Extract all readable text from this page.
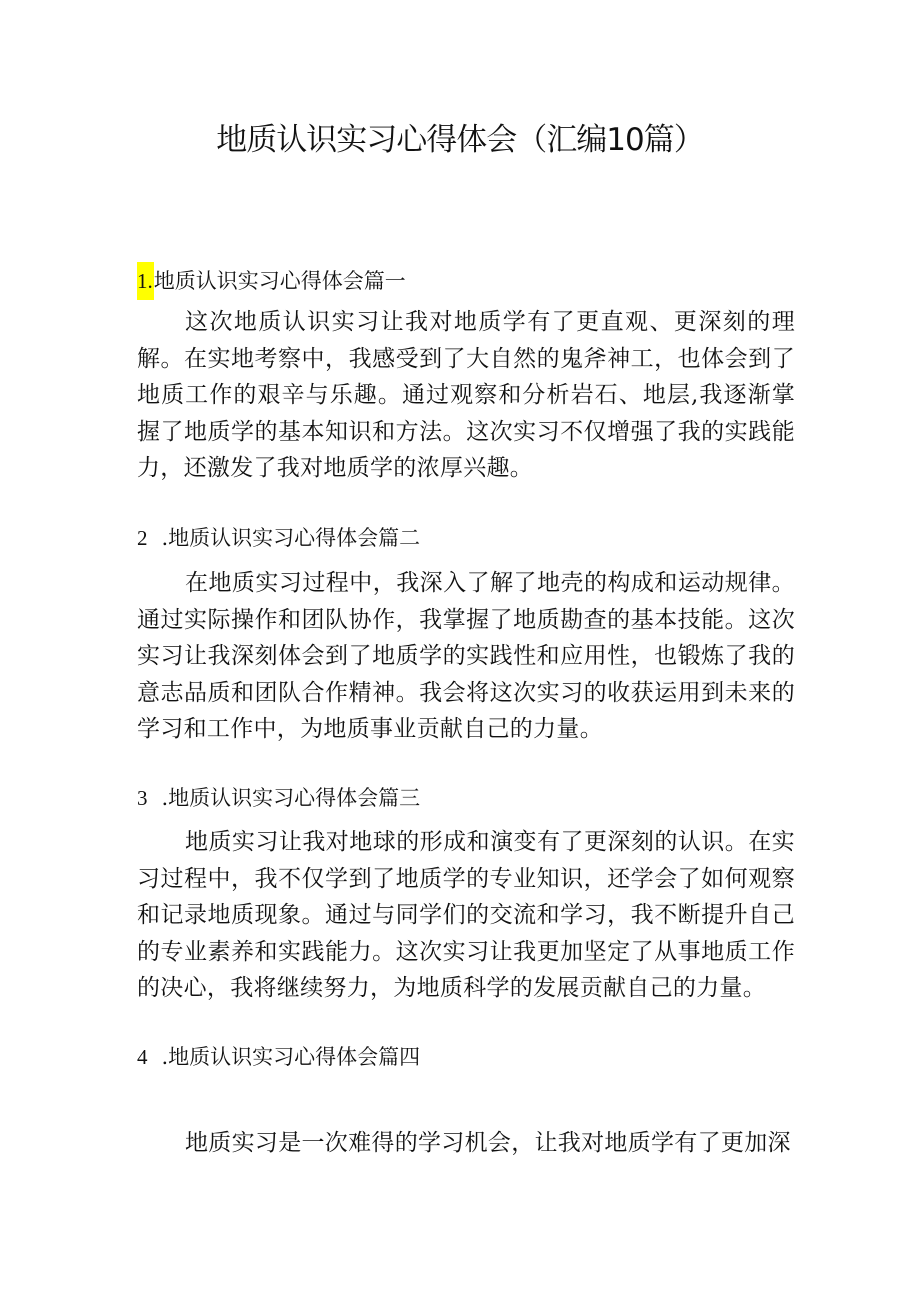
地质认识实习心得体会（汇编10篇）
1.地质认识实习心得体会篇一

这次地质认识实习让我对地质学有了更直观、更深刻的理解。在实地考察中，我感受到了大自然的鬼斧神工，也体会到了地质工作的艰辛与乐趣。通过观察和分析岩石、地层,我逐渐掌握了地质学的基本知识和方法。这次实习不仅增强了我的实践能力，还激发了我对地质学的浓厚兴趣。

2 .地质认识实习心得体会篇二

在地质实习过程中，我深入了解了地壳的构成和运动规律。通过实际操作和团队协作，我掌握了地质勘查的基本技能。这次实习让我深刻体会到了地质学的实践性和应用性，也锻炼了我的意志品质和团队合作精神。我会将这次实习的收获运用到未来的学习和工作中，为地质事业贡献自己的力量。

3 .地质认识实习心得体会篇三

地质实习让我对地球的形成和演变有了更深刻的认识。在实习过程中，我不仅学到了地质学的专业知识，还学会了如何观察和记录地质现象。通过与同学们的交流和学习，我不断提升自己的专业素养和实践能力。这次实习让我更加坚定了从事地质工作的决心，我将继续努力，为地质科学的发展贡献自己的力量。

4 .地质认识实习心得体会篇四

地质实习是一次难得的学习机会，让我对地质学有了更加深
